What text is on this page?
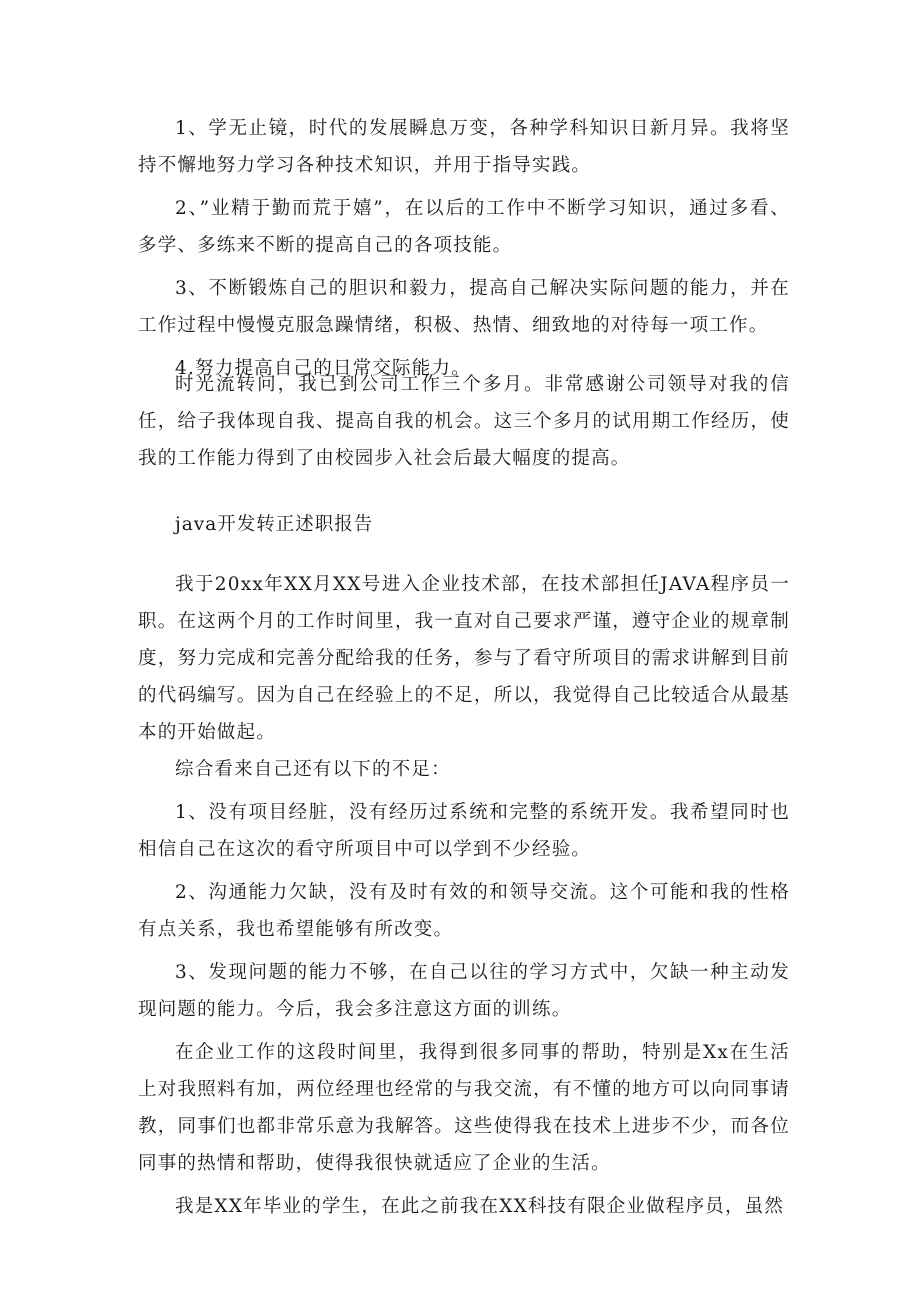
1、学无止镜，时代的发展瞬息万变，各种学科知识日新月异。我将坚持不懈地努力学习各种技术知识，并用于指导实践。

2、”业精于勤而荒于嬉”，在以后的工作中不断学习知识，通过多看、多学、多练来不断的提高自己的各项技能。

3、不断锻炼自己的胆识和毅力，提高自己解决实际问题的能力，并在工作过程中慢慢克服急躁情绪，积极、热情、细致地的对待每一项工作。

4.努力提高自己的日常交际能力。

时光流转问，我已到公司工作三个多月。非常感谢公司领导对我的信任，给子我体现自我、提高自我的机会。这三个多月的试用期工作经历，使我的工作能力得到了由校园步入社会后最大幅度的提高。

java开发转正述职报告

我于20xx年XX月XX号进入企业技术部，在技术部担任JAVA程序员一职。在这两个月的工作时间里，我一直对自己要求严谨，遵守企业的规章制度，努力完成和完善分配给我的任务，参与了看守所项目的需求讲解到目前的代码编写。因为自己在经验上的不足，所以，我觉得自己比较适合从最基本的开始做起。

综合看来自己还有以下的不足：

1、没有项目经脏，没有经历过系统和完整的系统开发。我希望同时也相信自己在这次的看守所项目中可以学到不少经验。

2、沟通能力欠缺，没有及时有效的和领导交流。这个可能和我的性格有点关系，我也希望能够有所改变。

3、发现问题的能力不够，在自己以往的学习方式中，欠缺一种主动发现问题的能力。今后，我会多注意这方面的训练。

在企业工作的这段时间里，我得到很多同事的帮助，特别是Xx在生活上对我照料有加，两位经理也经常的与我交流，有不懂的地方可以向同事请教，同事们也都非常乐意为我解答。这些使得我在技术上进步不少，而各位同事的热情和帮助，使得我很快就适应了企业的生活。

我是XX年毕业的学生，在此之前我在XX科技有限企业做程序员，虽然
